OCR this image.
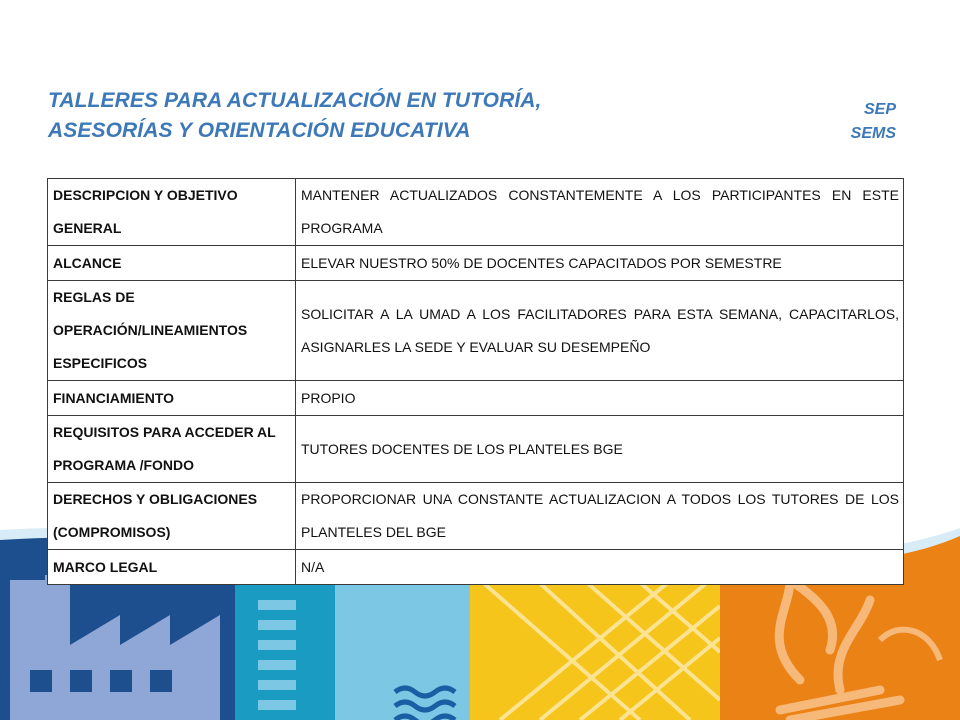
TALLERES PARA ACTUALIZACIÓN EN TUTORÍA,
ASESORÍAS Y ORIENTACIÓN EDUCATIVA
SEP
SEMS
DESCRIPCION Y OBJETIVO GENERAL	MANTENER ACTUALIZADOS CONSTANTEMENTE A LOS PARTICIPANTES EN ESTE PROGRAMA
ALCANCE	ELEVAR NUESTRO 50% DE DOCENTES CAPACITADOS POR SEMESTRE
REGLAS DE OPERACIÓN/LINEAMIENTOS ESPECIFICOS	SOLICITAR A LA UMAD A LOS FACILITADORES PARA ESTA SEMANA, CAPACITARLOS, ASIGNARLES LA SEDE Y EVALUAR SU DESEMPEÑO
FINANCIAMIENTO	PROPIO
REQUISITOS PARA ACCEDER AL PROGRAMA /FONDO	TUTORES DOCENTES DE LOS PLANTELES BGE
DERECHOS Y OBLIGACIONES (COMPROMISOS)	PROPORCIONAR UNA CONSTANTE ACTUALIZACION A TODOS LOS TUTORES DE LOS PLANTELES DEL BGE
MARCO LEGAL	N/A
